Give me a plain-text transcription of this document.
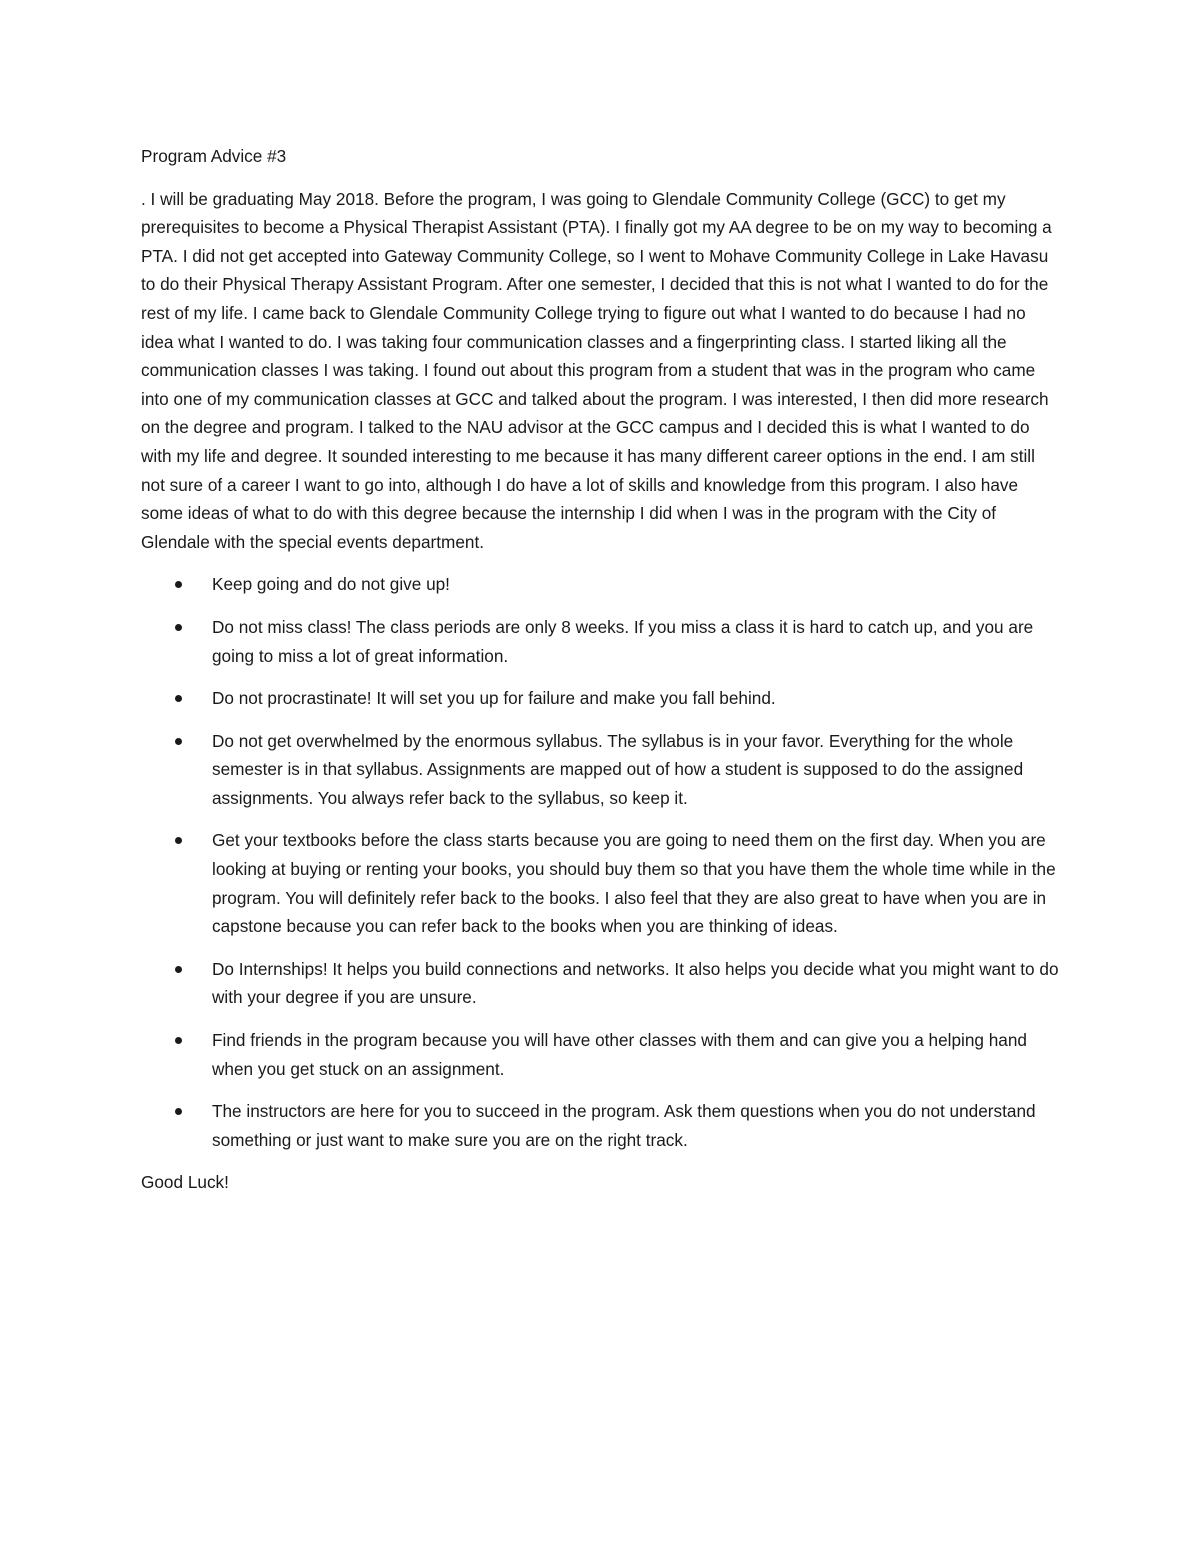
Program Advice #3

. I will be graduating May 2018. Before the program, I was going to Glendale Community College (GCC) to get my prerequisites to become a Physical Therapist Assistant (PTA). I finally got my AA degree to be on my way to becoming a PTA. I did not get accepted into Gateway Community College, so I went to Mohave Community College in Lake Havasu to do their Physical Therapy Assistant Program. After one semester, I decided that this is not what I wanted to do for the rest of my life. I came back to Glendale Community College trying to figure out what I wanted to do because I had no idea what I wanted to do. I was taking four communication classes and a fingerprinting class. I started liking all the communication classes I was taking. I found out about this program from a student that was in the program who came into one of my communication classes at GCC and talked about the program. I was interested, I then did more research on the degree and program. I talked to the NAU advisor at the GCC campus and I decided this is what I wanted to do with my life and degree. It sounded interesting to me because it has many different career options in the end. I am still not sure of a career I want to go into, although I do have a lot of skills and knowledge from this program. I also have some ideas of what to do with this degree because the internship I did when I was in the program with the City of Glendale with the special events department.

Keep going and do not give up!
Do not miss class! The class periods are only 8 weeks. If you miss a class it is hard to catch up, and you are going to miss a lot of great information.
Do not procrastinate! It will set you up for failure and make you fall behind.
Do not get overwhelmed by the enormous syllabus. The syllabus is in your favor. Everything for the whole semester is in that syllabus. Assignments are mapped out of how a student is supposed to do the assigned assignments. You always refer back to the syllabus, so keep it.
Get your textbooks before the class starts because you are going to need them on the first day. When you are looking at buying or renting your books, you should buy them so that you have them the whole time while in the program. You will definitely refer back to the books. I also feel that they are also great to have when you are in capstone because you can refer back to the books when you are thinking of ideas.
Do Internships! It helps you build connections and networks. It also helps you decide what you might want to do with your degree if you are unsure.
Find friends in the program because you will have other classes with them and can give you a helping hand when you get stuck on an assignment.
The instructors are here for you to succeed in the program. Ask them questions when you do not understand something or just want to make sure you are on the right track.

Good Luck!
